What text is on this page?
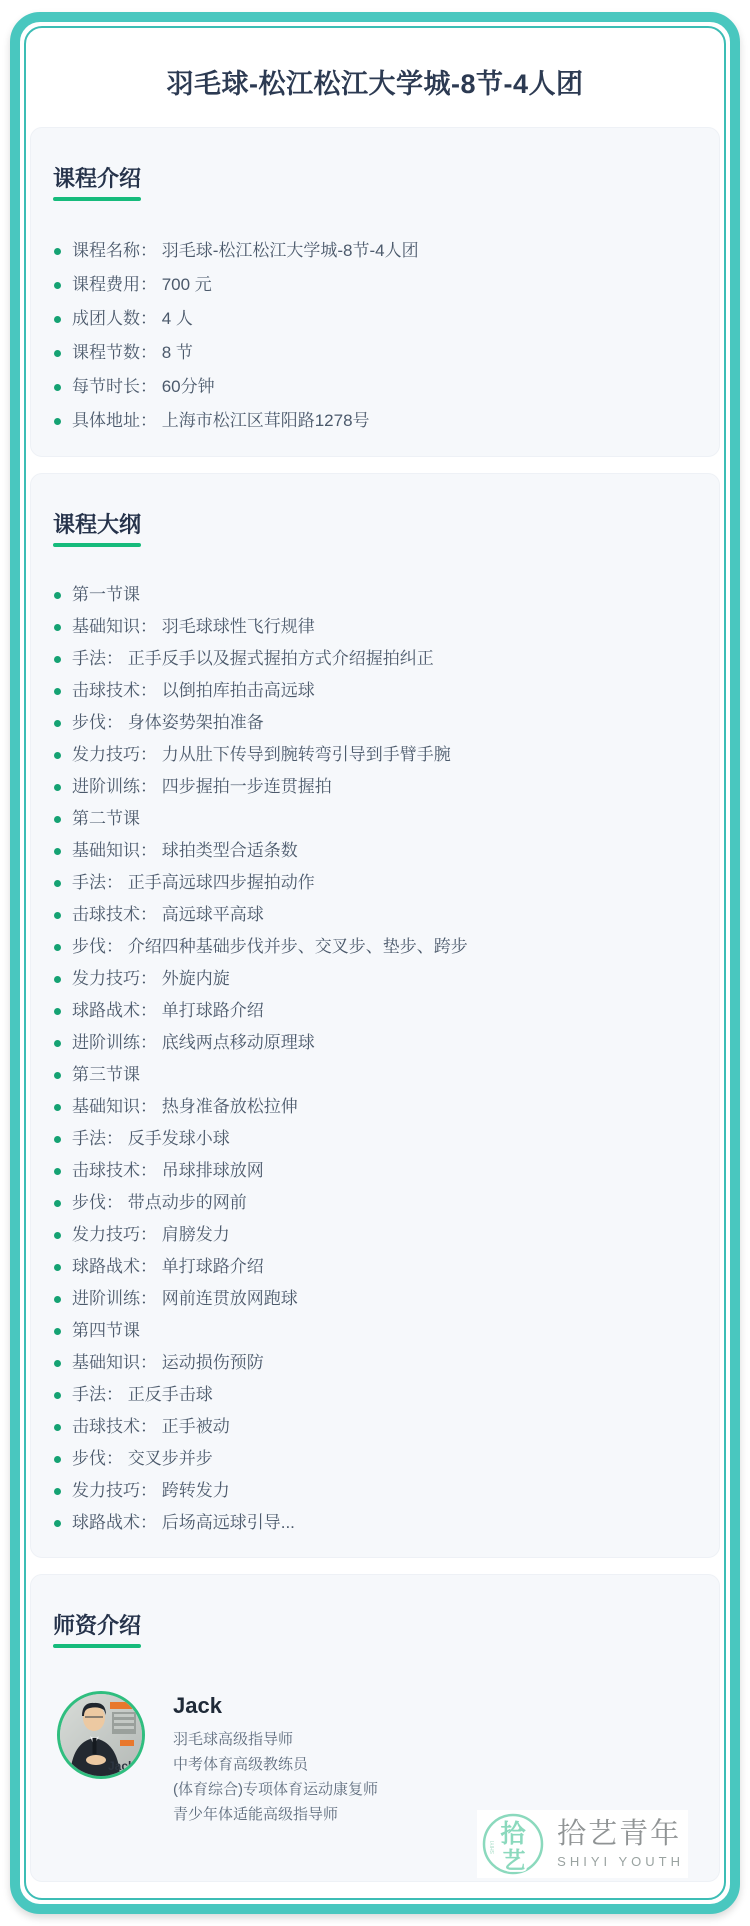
羽毛球-松江松江大学城-8节-4人团
课程介绍
课程名称： 羽毛球-松江松江大学城-8节-4人团
课程费用： 700 元
成团人数： 4 人
课程节数： 8 节
每节时长： 60分钟
具体地址： 上海市松江区茸阳路1278号
课程大纲
第一节课
基础知识： 羽毛球球性飞行规律
手法： 正手反手以及握式握拍方式介绍握拍纠正
击球技术： 以倒拍库拍击高远球
步伐： 身体姿势架拍准备
发力技巧： 力从肚下传导到腕转弯引导到手臂手腕
进阶训练： 四步握拍一步连贯握拍
第二节课
基础知识： 球拍类型合适条数
手法： 正手高远球四步握拍动作
击球技术： 高远球平高球
步伐： 介绍四种基础步伐并步、交叉步、垫步、跨步
发力技巧： 外旋内旋
球路战术： 单打球路介绍
进阶训练： 底线两点移动原理球
第三节课
基础知识： 热身准备放松拉伸
手法： 反手发球小球
击球技术： 吊球排球放网
步伐： 带点动步的网前
发力技巧： 肩膀发力
球路战术： 单打球路介绍
进阶训练： 网前连贯放网跑球
第四节课
基础知识： 运动损伤预防
手法： 正反手击球
击球技术： 正手被动
步伐： 交叉步并步
发力技巧： 跨转发力
球路战术： 后场高远球引导...
师资介绍
Jack

Jack

羽毛球高级指导师
中考体育高级教练员
(体育综合)专项体育运动康复师
青少年体适能高级指导师
拾
SHIYI 艺
拾艺青年
SHIYI YOUTH
